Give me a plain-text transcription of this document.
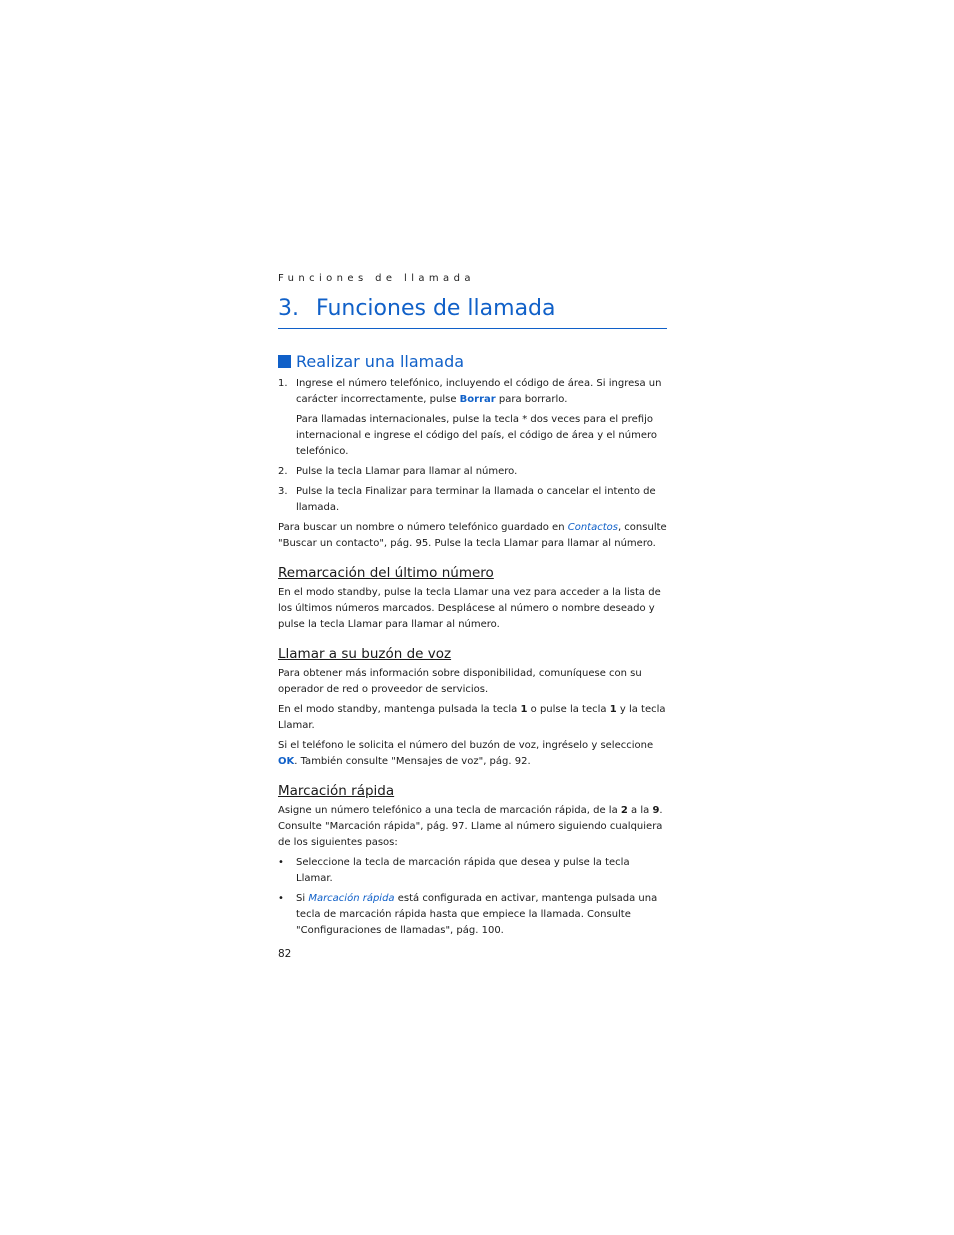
Funciones de llamada
3. Funciones de llamada
Realizar una llamada
1. Ingrese el número telefónico, incluyendo el código de área. Si ingresa un carácter incorrectamente, pulse Borrar para borrarlo.

Para llamadas internacionales, pulse la tecla * dos veces para el prefijo internacional e ingrese el código del país, el código de área y el número telefónico.

2. Pulse la tecla Llamar para llamar al número.
3. Pulse la tecla Finalizar para terminar la llamada o cancelar el intento de llamada.

Para buscar un nombre o número telefónico guardado en Contactos, consulte "Buscar un contacto", pág. 95. Pulse la tecla Llamar para llamar al número.

Remarcación del último número

En el modo standby, pulse la tecla Llamar una vez para acceder a la lista de los últimos números marcados. Desplácese al número o nombre deseado y pulse la tecla Llamar para llamar al número.

Llamar a su buzón de voz

Para obtener más información sobre disponibilidad, comuníquese con su operador de red o proveedor de servicios.

En el modo standby, mantenga pulsada la tecla 1 o pulse la tecla 1 y la tecla Llamar.

Si el teléfono le solicita el número del buzón de voz, ingréselo y seleccione OK. También consulte "Mensajes de voz", pág. 92.

Marcación rápida

Asigne un número telefónico a una tecla de marcación rápida, de la 2 a la 9. Consulte "Marcación rápida", pág. 97. Llame al número siguiendo cualquiera de los siguientes pasos:

• Seleccione la tecla de marcación rápida que desea y pulse la tecla Llamar.
• Si Marcación rápida está configurada en activar, mantenga pulsada una tecla de marcación rápida hasta que empiece la llamada. Consulte "Configuraciones de llamadas", pág. 100.
82
